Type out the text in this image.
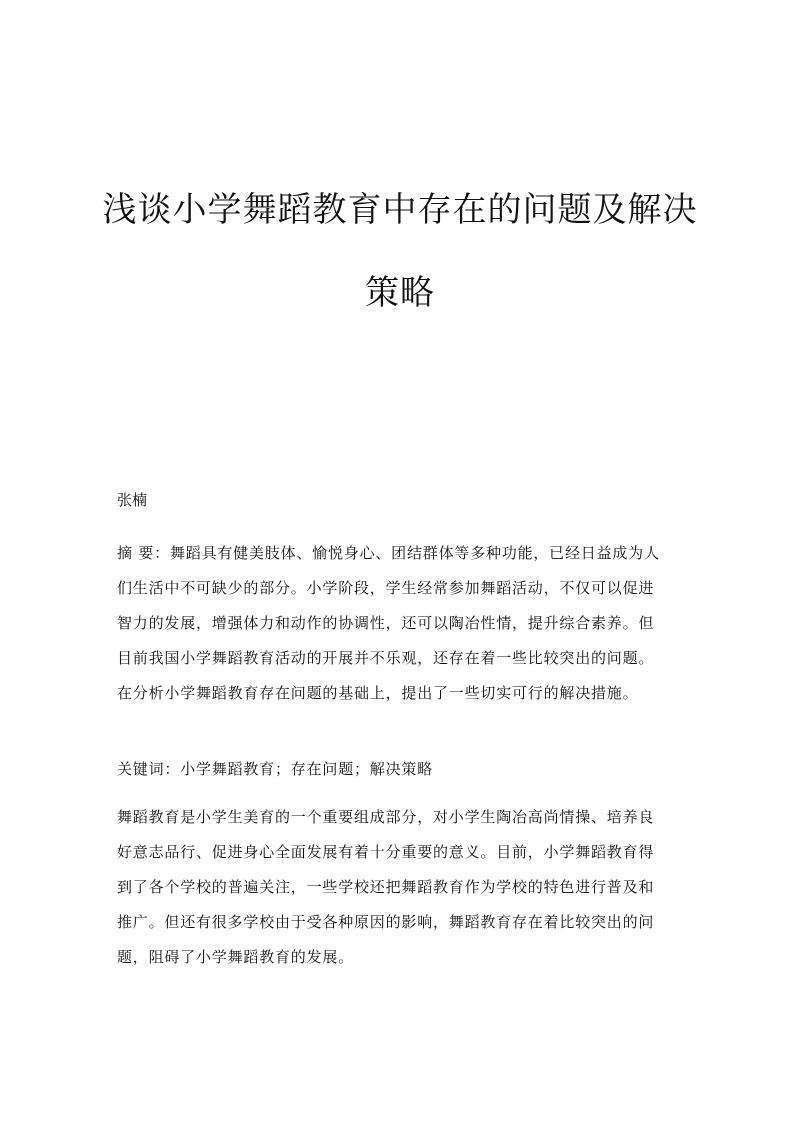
浅谈小学舞蹈教育中存在的问题及解决
策略
张楠
摘 要：舞蹈具有健美肢体、愉悦身心、团结群体等多种功能，已经日益成为人
们生活中不可缺少的部分。小学阶段，学生经常参加舞蹈活动，不仅可以促进
智力的发展，增强体力和动作的协调性，还可以陶冶性情，提升综合素养。但
目前我国小学舞蹈教育活动的开展并不乐观，还存在着一些比较突出的问题。
在分析小学舞蹈教育存在问题的基础上，提出了一些切实可行的解决措施。
关键词：小学舞蹈教育；存在问题；解决策略
舞蹈教育是小学生美育的一个重要组成部分，对小学生陶冶高尚情操、培养良
好意志品行、促进身心全面发展有着十分重要的意义。目前，小学舞蹈教育得
到了各个学校的普遍关注，一些学校还把舞蹈教育作为学校的特色进行普及和
推广。但还有很多学校由于受各种原因的影响，舞蹈教育存在着比较突出的问
题，阻碍了小学舞蹈教育的发展。
